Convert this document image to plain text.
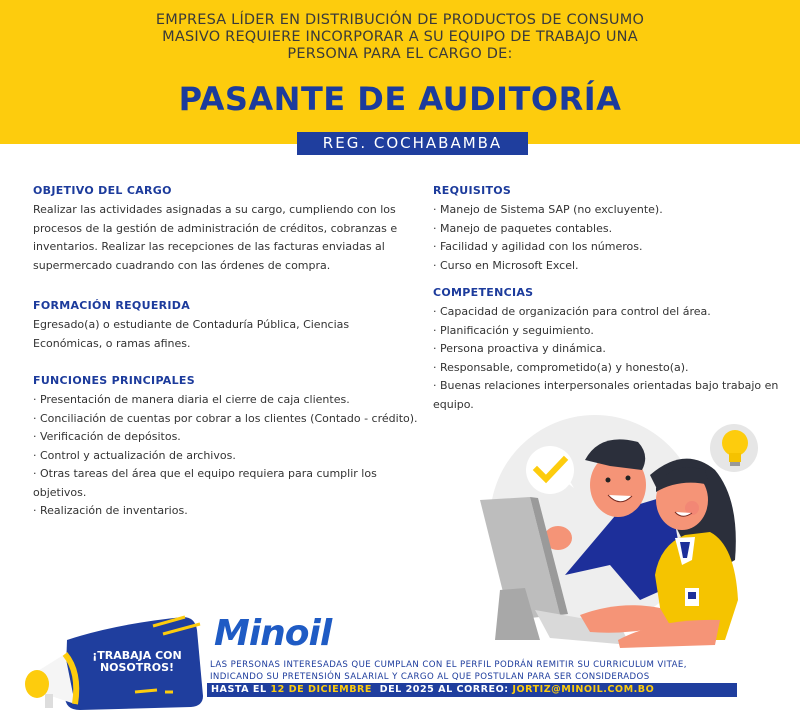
EMPRESA LÍDER EN DISTRIBUCIÓN DE PRODUCTOS DE CONSUMO
MASIVO REQUIERE INCORPORAR A SU EQUIPO DE TRABAJO UNA
PERSONA PARA EL CARGO DE:
PASANTE DE AUDITORÍA
REG. COCHABAMBA
OBJETIVO DEL CARGO

Realizar las actividades asignadas a su cargo, cumpliendo con los procesos de la gestión de administración de créditos, cobranzas e inventarios. Realizar las recepciones de las facturas enviadas al supermercado cuadrando con las órdenes de compra.

FORMACIÓN REQUERIDA

Egresado(a) o estudiante de Contaduría Pública, Ciencias Económicas, o ramas afines.

FUNCIONES PRINCIPALES
· Presentación de manera diaria el cierre de caja clientes.
· Conciliación de cuentas por cobrar a los clientes (Contado - crédito).
· Verificación de depósitos.
· Control y actualización de archivos.
· Otras tareas del área que el equipo requiera para cumplir los objetivos.
· Realización de inventarios.
REQUISITOS
· Manejo de Sistema SAP (no excluyente).
· Manejo de paquetes contables.
· Facilidad y agilidad con los números.
· Curso en Microsoft Excel.
COMPETENCIAS
· Capacidad de organización para control del área.
· Planificación y seguimiento.
· Persona proactiva y dinámica.
· Responsable, comprometido(a) y honesto(a).
· Buenas relaciones interpersonales orientadas bajo trabajo en equipo.
¡TRABAJA CON
NOSOTROS!
Minoil
LAS PERSONAS INTERESADAS QUE CUMPLAN CON EL PERFIL PODRÁN REMITIR SU CURRICULUM VITAE,
INDICANDO SU PRETENSIÓN SALARIAL Y CARGO AL QUE POSTULAN PARA SER CONSIDERADOS
HASTA EL 12 DE DICIEMBRE  DEL 2025 AL CORREO: JORTIZ@MINOIL.COM.BO
